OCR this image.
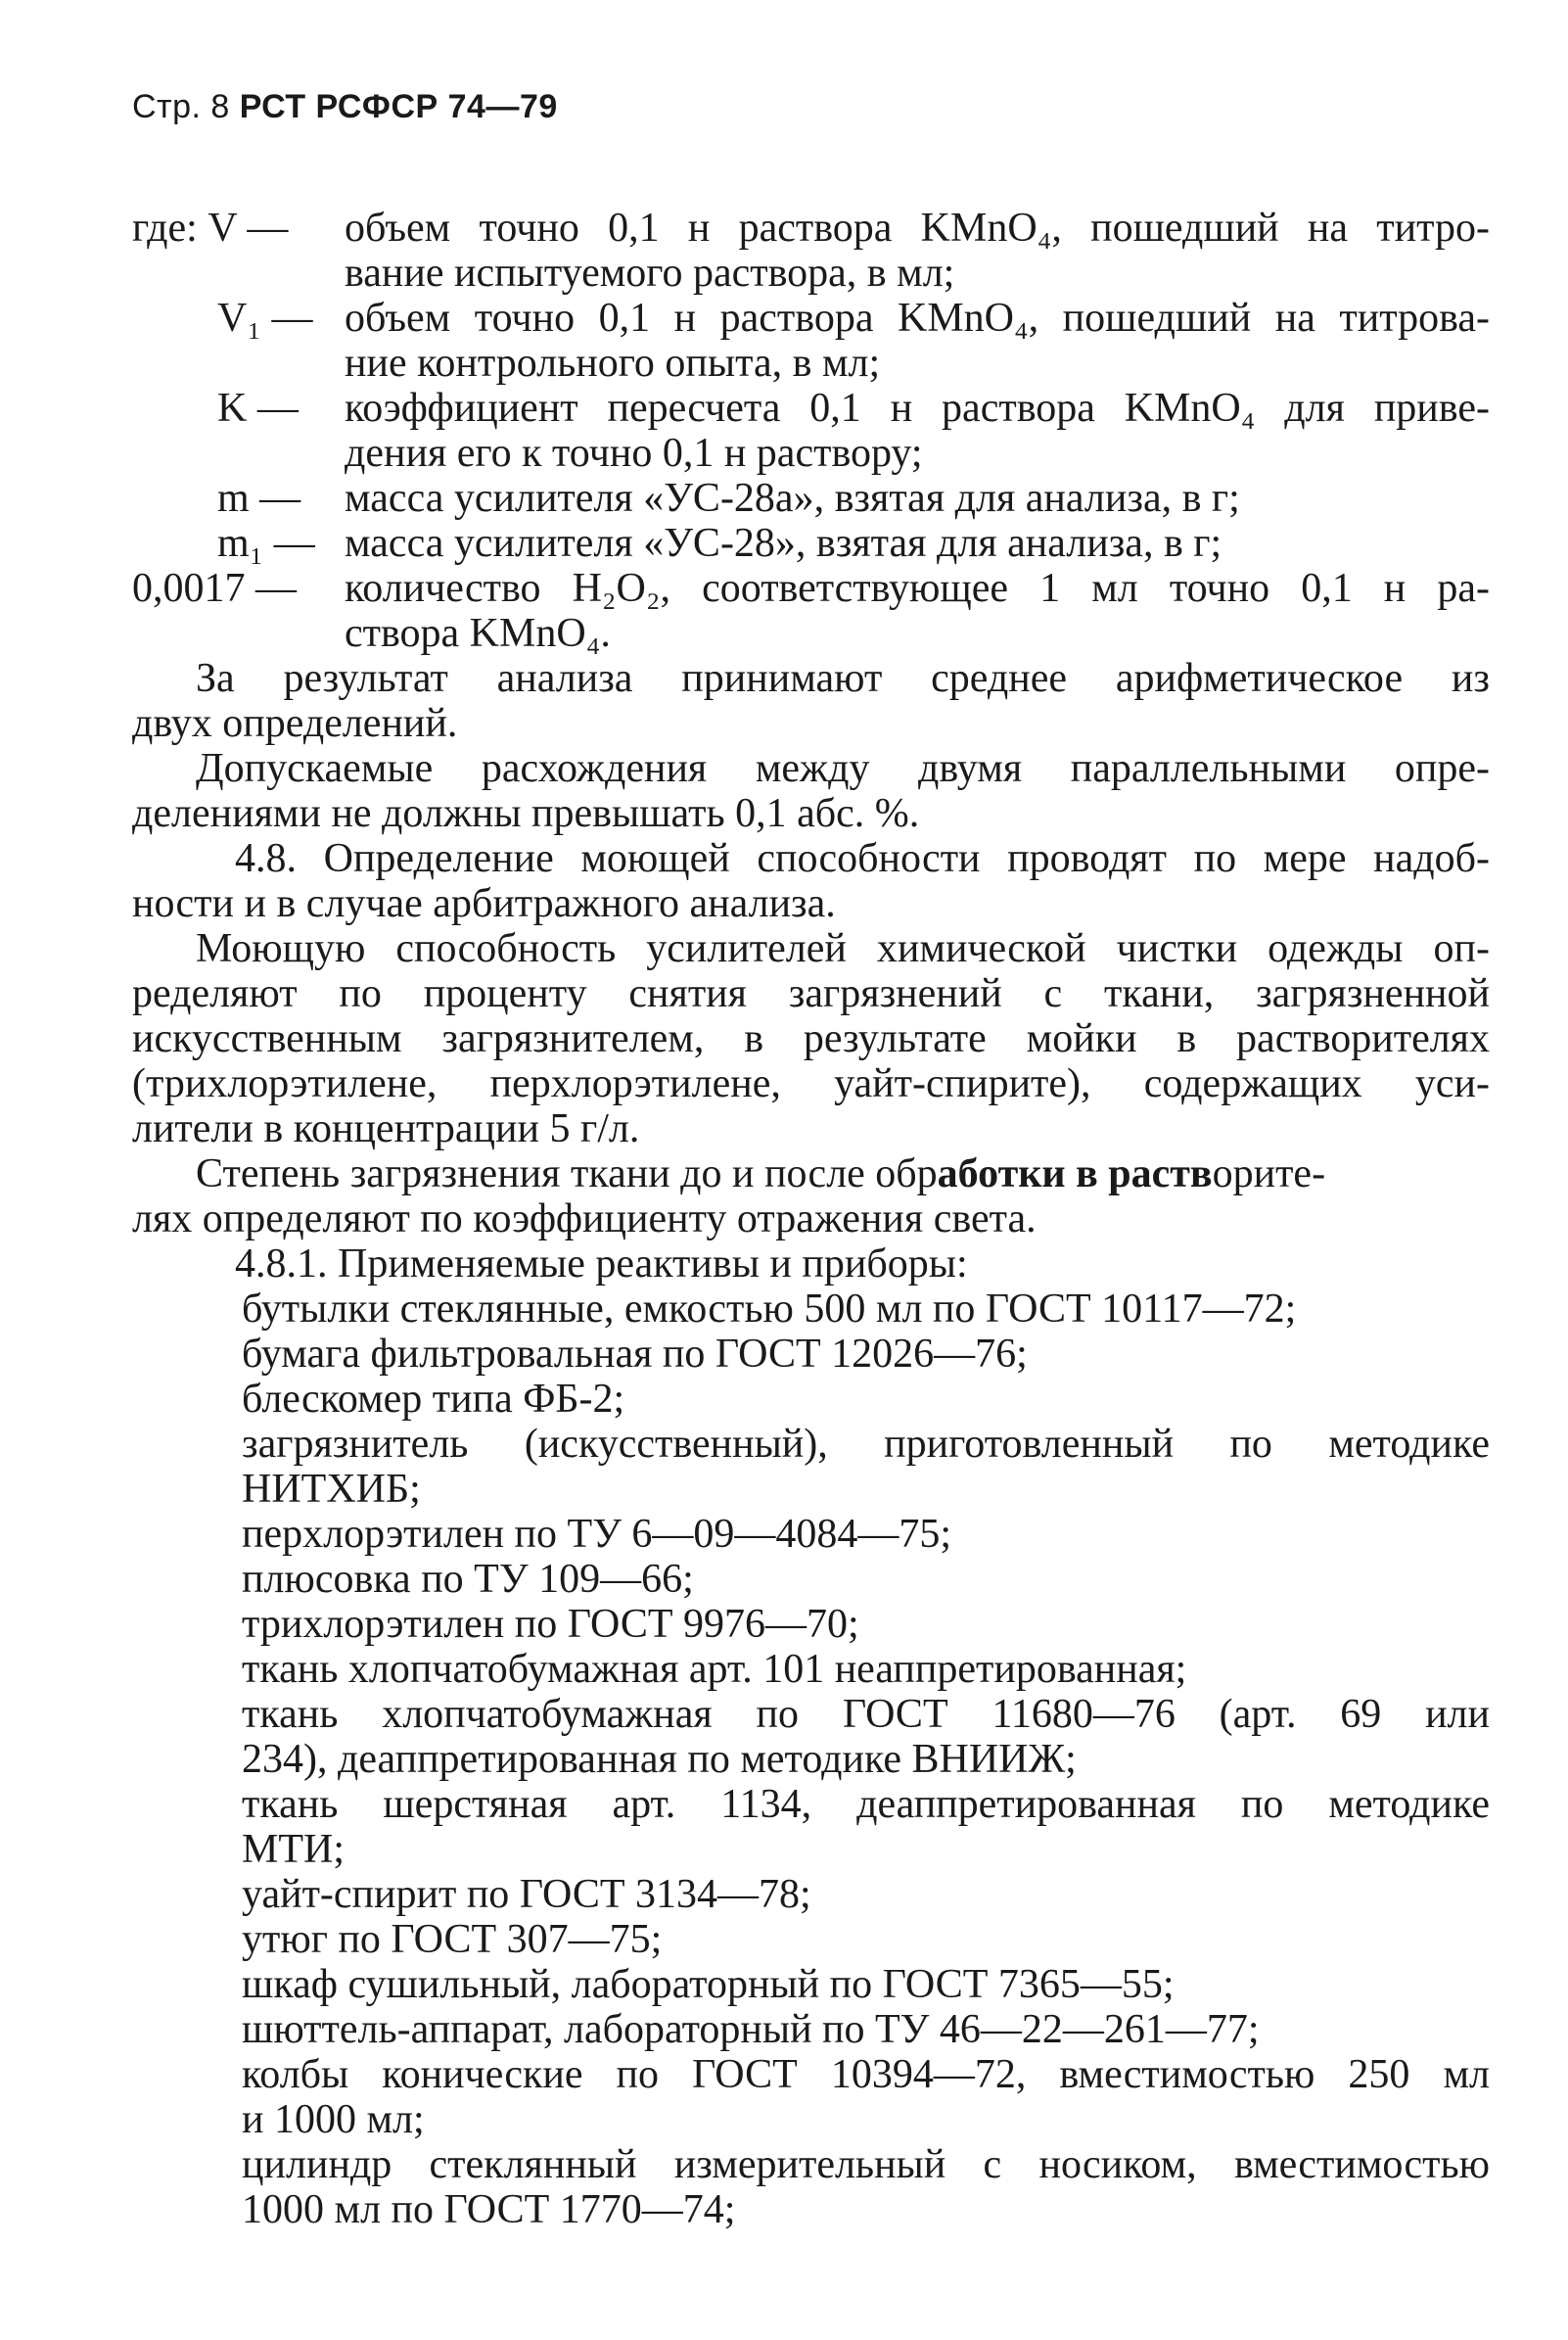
Стр. 8 РСТ РСФСР 74—79
где: V — объем точно 0,1 н раствора KMnO₄, пошедший на титро-
вание испытуемого раствора, в мл;
V₁ — объем точно 0,1 н раствора KMnO₄, пошедший на титрова-
ние контрольного опыта, в мл;
K — коэффициент пересчета 0,1 н раствора KMnO₄ для приве-
дения его к точно 0,1 н раствору;
m — масса усилителя «УС-28а», взятая для анализа, в г;
m₁ — масса усилителя «УС-28», взятая для анализа, в г;
0,0017 — количество H₂O₂, соответствующее 1 мл точно 0,1 н ра-
створа KMnO₄.
За результат анализа принимают среднее арифметическое из
двух определений.
Допускаемые расхождения между двумя параллельными опре-
делениями не должны превышать 0,1 абс. %.
4.8. Определение моющей способности проводят по мере надоб-
ности и в случае арбитражного анализа.
Моющую способность усилителей химической чистки одежды оп-
ределяют по проценту снятия загрязнений с ткани, загрязненной
искусственным загрязнителем, в результате мойки в растворителях
(трихлорэтилене, перхлорэтилене, уайт-спирите), содержащих уси-
лители в концентрации 5 г/л.
Степень загрязнения ткани до и после обработки в растворите-
лях определяют по коэффициенту отражения света.
4.8.1. Применяемые реактивы и приборы:
бутылки стеклянные, емкостью 500 мл по ГОСТ 10117—72;
бумага фильтровальная по ГОСТ 12026—76;
блескомер типа ФБ-2;
загрязнитель (искусственный), приготовленный по методике
НИТХИБ;
перхлорэтилен по ТУ 6—09—4084—75;
плюсовка по ТУ 109—66;
трихлорэтилен по ГОСТ 9976—70;
ткань хлопчатобумажная арт. 101 неаппретированная;
ткань хлопчатобумажная по ГОСТ 11680—76 (арт. 69 или
234), деаппретированная по методике ВНИИЖ;
ткань шерстяная арт. 1134, деаппретированная по методике
МТИ;
уайт-спирит по ГОСТ 3134—78;
утюг по ГОСТ 307—75;
шкаф сушильный, лабораторный по ГОСТ 7365—55;
шюттель-аппарат, лабораторный по ТУ 46—22—261—77;
колбы конические по ГОСТ 10394—72, вместимостью 250 мл
и 1000 мл;
цилиндр стеклянный измерительный с носиком, вместимостью
1000 мл по ГОСТ 1770—74;
